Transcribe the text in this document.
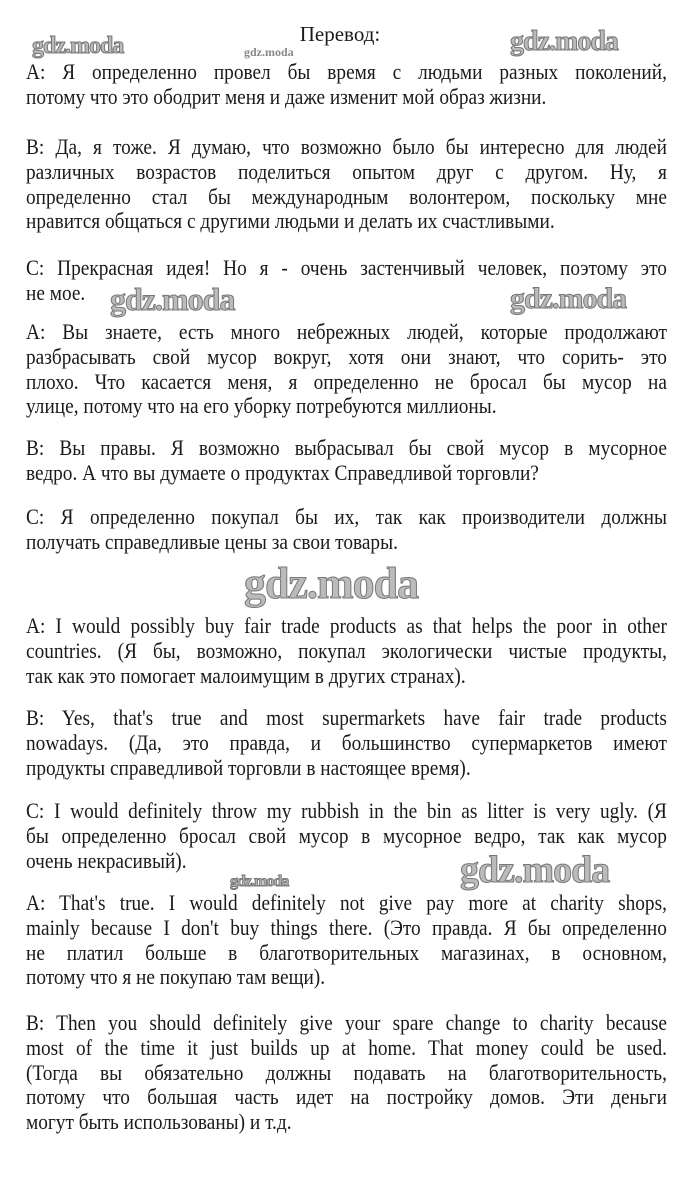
Перевод:
gdz.moda	gdz.moda	gdz.moda
gdz.moda	gdz.moda
gdz.moda
gdz.moda
gdz.moda
А: Я определенно провел бы время с людьми разных поколений,
потому что это ободрит меня и даже изменит мой образ жизни.
В: Да, я тоже. Я думаю, что возможно было бы интересно для людей
различных возрастов поделиться опытом друг с другом. Ну, я
определенно стал бы международным волонтером, поскольку мне
нравится общаться с другими людьми и делать их счастливыми.
С: Прекрасная идея! Но я - очень застенчивый человек, поэтому это
не мое.
А: Вы знаете, есть много небрежных людей, которые продолжают
разбрасывать свой мусор вокруг, хотя они знают, что сорить- это
плохо. Что касается меня, я определенно не бросал бы мусор на
улице, потому что на его уборку потребуются миллионы.
В: Вы правы. Я возможно выбрасывал бы свой мусор в мусорное
ведро. А что вы думаете о продуктах Справедливой торговли?
С: Я определенно покупал бы их, так как производители должны
получать справедливые цены за свои товары.
A: I would possibly buy fair trade products as that helps the poor in other
countries. (Я бы, возможно, покупал экологически чистые продукты,
так как это помогает малоимущим в других странах).
B: Yes, that's true and most supermarkets have fair trade products
nowadays. (Да, это правда, и большинство супермаркетов имеют
продукты справедливой торговли в настоящее время).
C: I would definitely throw my rubbish in the bin as litter is very ugly. (Я
бы определенно бросал свой мусор в мусорное ведро, так как мусор
очень некрасивый).
A: That's true. I would definitely not give pay more at charity shops,
mainly because I don't buy things there. (Это правда. Я бы определенно
не платил больше в благотворительных магазинах, в основном,
потому что я не покупаю там вещи).
B: Then you should definitely give your spare change to charity because
most of the time it just builds up at home. That money could be used.
(Тогда вы обязательно должны подавать на благотворительность,
потому что большая часть идет на постройку домов. Эти деньги
могут быть использованы) и т.д.
